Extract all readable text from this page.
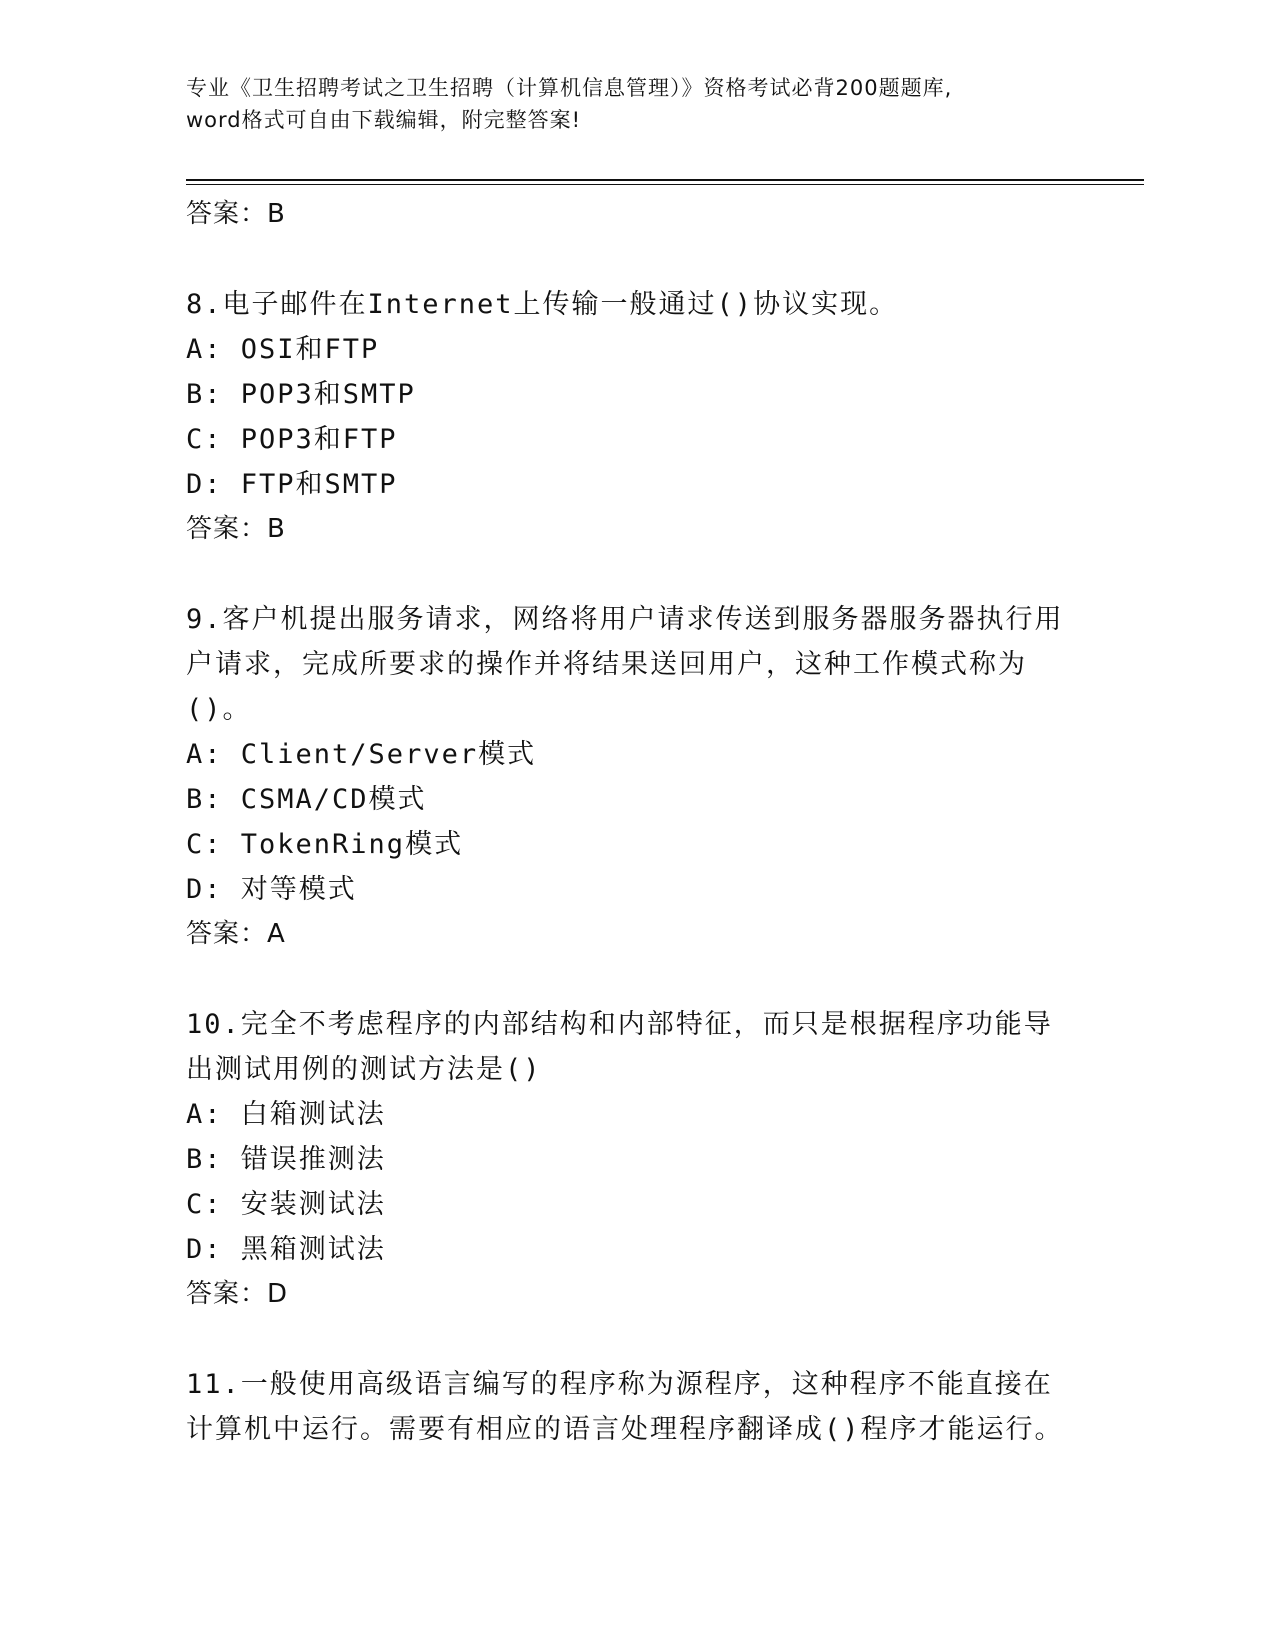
专业《卫生招聘考试之卫生招聘（计算机信息管理）》资格考试必背200题题库,
word格式可自由下载编辑，附完整答案!
答案：B
8.电子邮件在Internet上传输一般通过()协议实现。
A: OSI和FTP
B: POP3和SMTP
C: POP3和FTP
D: FTP和SMTP
答案：B
9.客户机提出服务请求，网络将用户请求传送到服务器服务器执行用户请求，完成所要求的操作并将结果送回用户，这种工作模式称为()。
A: Client/Server模式
B: CSMA/CD模式
C: TokenRing模式
D: 对等模式
答案：A
10.完全不考虑程序的内部结构和内部特征，而只是根据程序功能导出测试用例的测试方法是()
A: 白箱测试法
B: 错误推测法
C: 安装测试法
D: 黑箱测试法
答案：D
11.一般使用高级语言编写的程序称为源程序，这种程序不能直接在计算机中运行。需要有相应的语言处理程序翻译成()程序才能运行。
